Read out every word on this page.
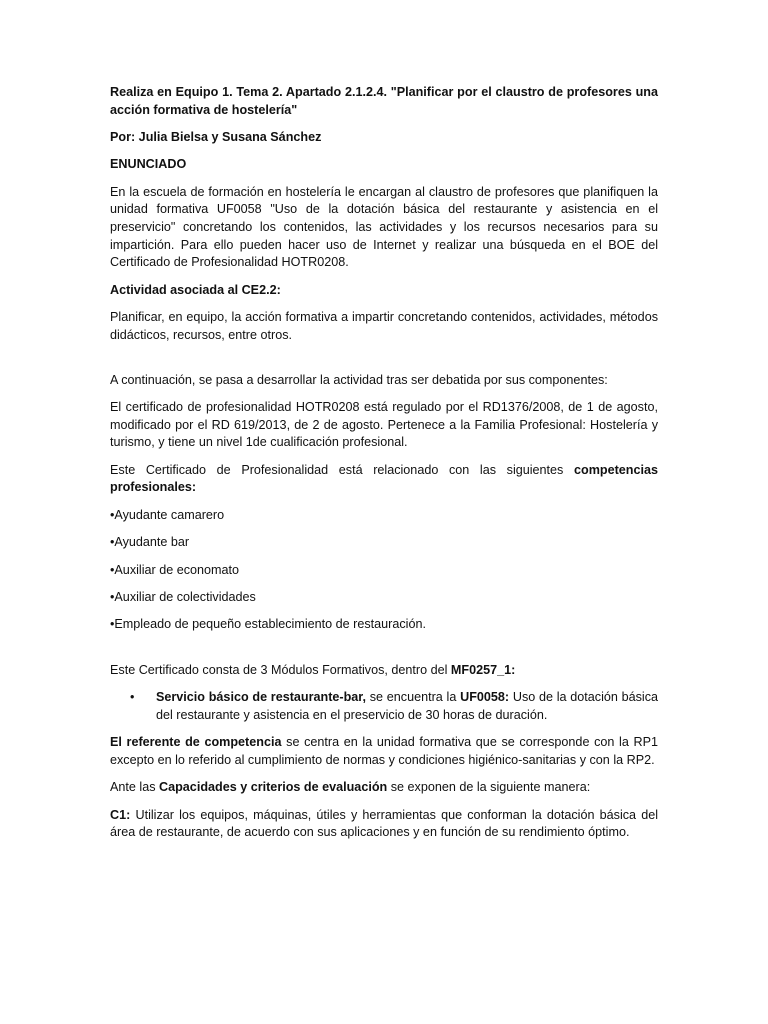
Realiza en Equipo 1. Tema 2. Apartado 2.1.2.4. "Planificar por el claustro de profesores una acción formativa de hostelería"

Por: Julia Bielsa y Susana Sánchez

ENUNCIADO

En la escuela de formación en hostelería le encargan al claustro de profesores que planifiquen la unidad formativa UF0058 "Uso de la dotación básica del restaurante y asistencia en el preservicio" concretando los contenidos, las actividades y los recursos necesarios para su impartición. Para ello pueden hacer uso de Internet y realizar una búsqueda en el BOE del Certificado de Profesionalidad HOTR0208.

Actividad asociada al CE2.2:

Planificar, en equipo, la acción formativa a impartir concretando contenidos, actividades, métodos didácticos, recursos, entre otros.

A continuación, se pasa a desarrollar la actividad tras ser debatida por sus componentes:

El certificado de profesionalidad HOTR0208 está regulado por el RD1376/2008, de 1 de agosto, modificado por el RD 619/2013, de 2 de agosto. Pertenece a la Familia Profesional: Hostelería y turismo, y tiene un nivel 1de cualificación profesional.

Este Certificado de Profesionalidad está relacionado con las siguientes competencias profesionales:

•Ayudante camarero

•Ayudante bar

•Auxiliar de economato

•Auxiliar de colectividades

•Empleado de pequeño establecimiento de restauración.

Este Certificado consta de 3 Módulos Formativos, dentro del MF0257_1:

• Servicio básico de restaurante-bar, se encuentra la UF0058: Uso de la dotación básica del restaurante y asistencia en el preservicio de 30 horas de duración.

El referente de competencia se centra en la unidad formativa que se corresponde con la RP1 excepto en lo referido al cumplimiento de normas y condiciones higiénico-sanitarias y con la RP2.

Ante las Capacidades y criterios de evaluación se exponen de la siguiente manera:

C1: Utilizar los equipos, máquinas, útiles y herramientas que conforman la dotación básica del área de restaurante, de acuerdo con sus aplicaciones y en función de su rendimiento óptimo.
